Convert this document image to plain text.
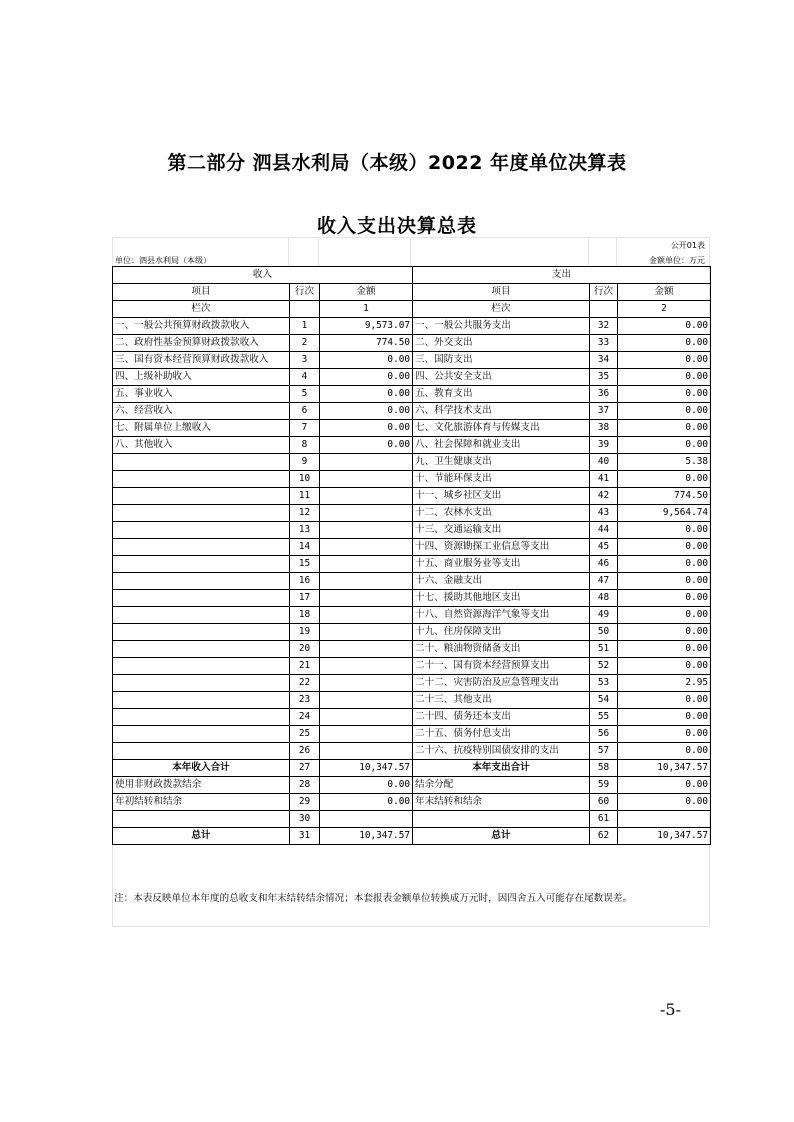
第二部分 泗县水利局（本级）2022 年度单位决算表
收入支出决算总表
公开01表
单位：泗县水利局（本级）	金额单位：万元
收入			支出		
项目	行次	金额	项目	行次	金额
栏次		1	栏次		2
一、一般公共预算财政拨款收入	1	9,573.07	一、一般公共服务支出	32	0.00
二、政府性基金预算财政拨款收入	2	774.50	二、外交支出	33	0.00
三、国有资本经营预算财政拨款收入	3	0.00	三、国防支出	34	0.00
四、上级补助收入	4	0.00	四、公共安全支出	35	0.00
五、事业收入	5	0.00	五、教育支出	36	0.00
六、经营收入	6	0.00	六、科学技术支出	37	0.00
七、附属单位上缴收入	7	0.00	七、文化旅游体育与传媒支出	38	0.00
八、其他收入	8	0.00	八、社会保障和就业支出	39	0.00
	9		九、卫生健康支出	40	5.38
	10		十、节能环保支出	41	0.00
	11		十一、城乡社区支出	42	774.50
	12		十二、农林水支出	43	9,564.74
	13		十三、交通运输支出	44	0.00
	14		十四、资源勘探工业信息等支出	45	0.00
	15		十五、商业服务业等支出	46	0.00
	16		十六、金融支出	47	0.00
	17		十七、援助其他地区支出	48	0.00
	18		十八、自然资源海洋气象等支出	49	0.00
	19		十九、住房保障支出	50	0.00
	20		二十、粮油物资储备支出	51	0.00
	21		二十一、国有资本经营预算支出	52	0.00
	22		二十二、灾害防治及应急管理支出	53	2.95
	23		二十三、其他支出	54	0.00
	24		二十四、债务还本支出	55	0.00
	25		二十五、债务付息支出	56	0.00
	26		二十六、抗疫特别国债安排的支出	57	0.00
本年收入合计	27	10,347.57	本年支出合计	58	10,347.57
使用非财政拨款结余	28	0.00	结余分配	59	0.00
年初结转和结余	29	0.00	年末结转和结余	60	0.00
	30			61	
总计	31	10,347.57	总计	62	10,347.57
注：本表反映单位本年度的总收支和年末结转结余情况；本套报表金额单位转换成万元时，因四舍五入可能存在尾数误差。
-5-
